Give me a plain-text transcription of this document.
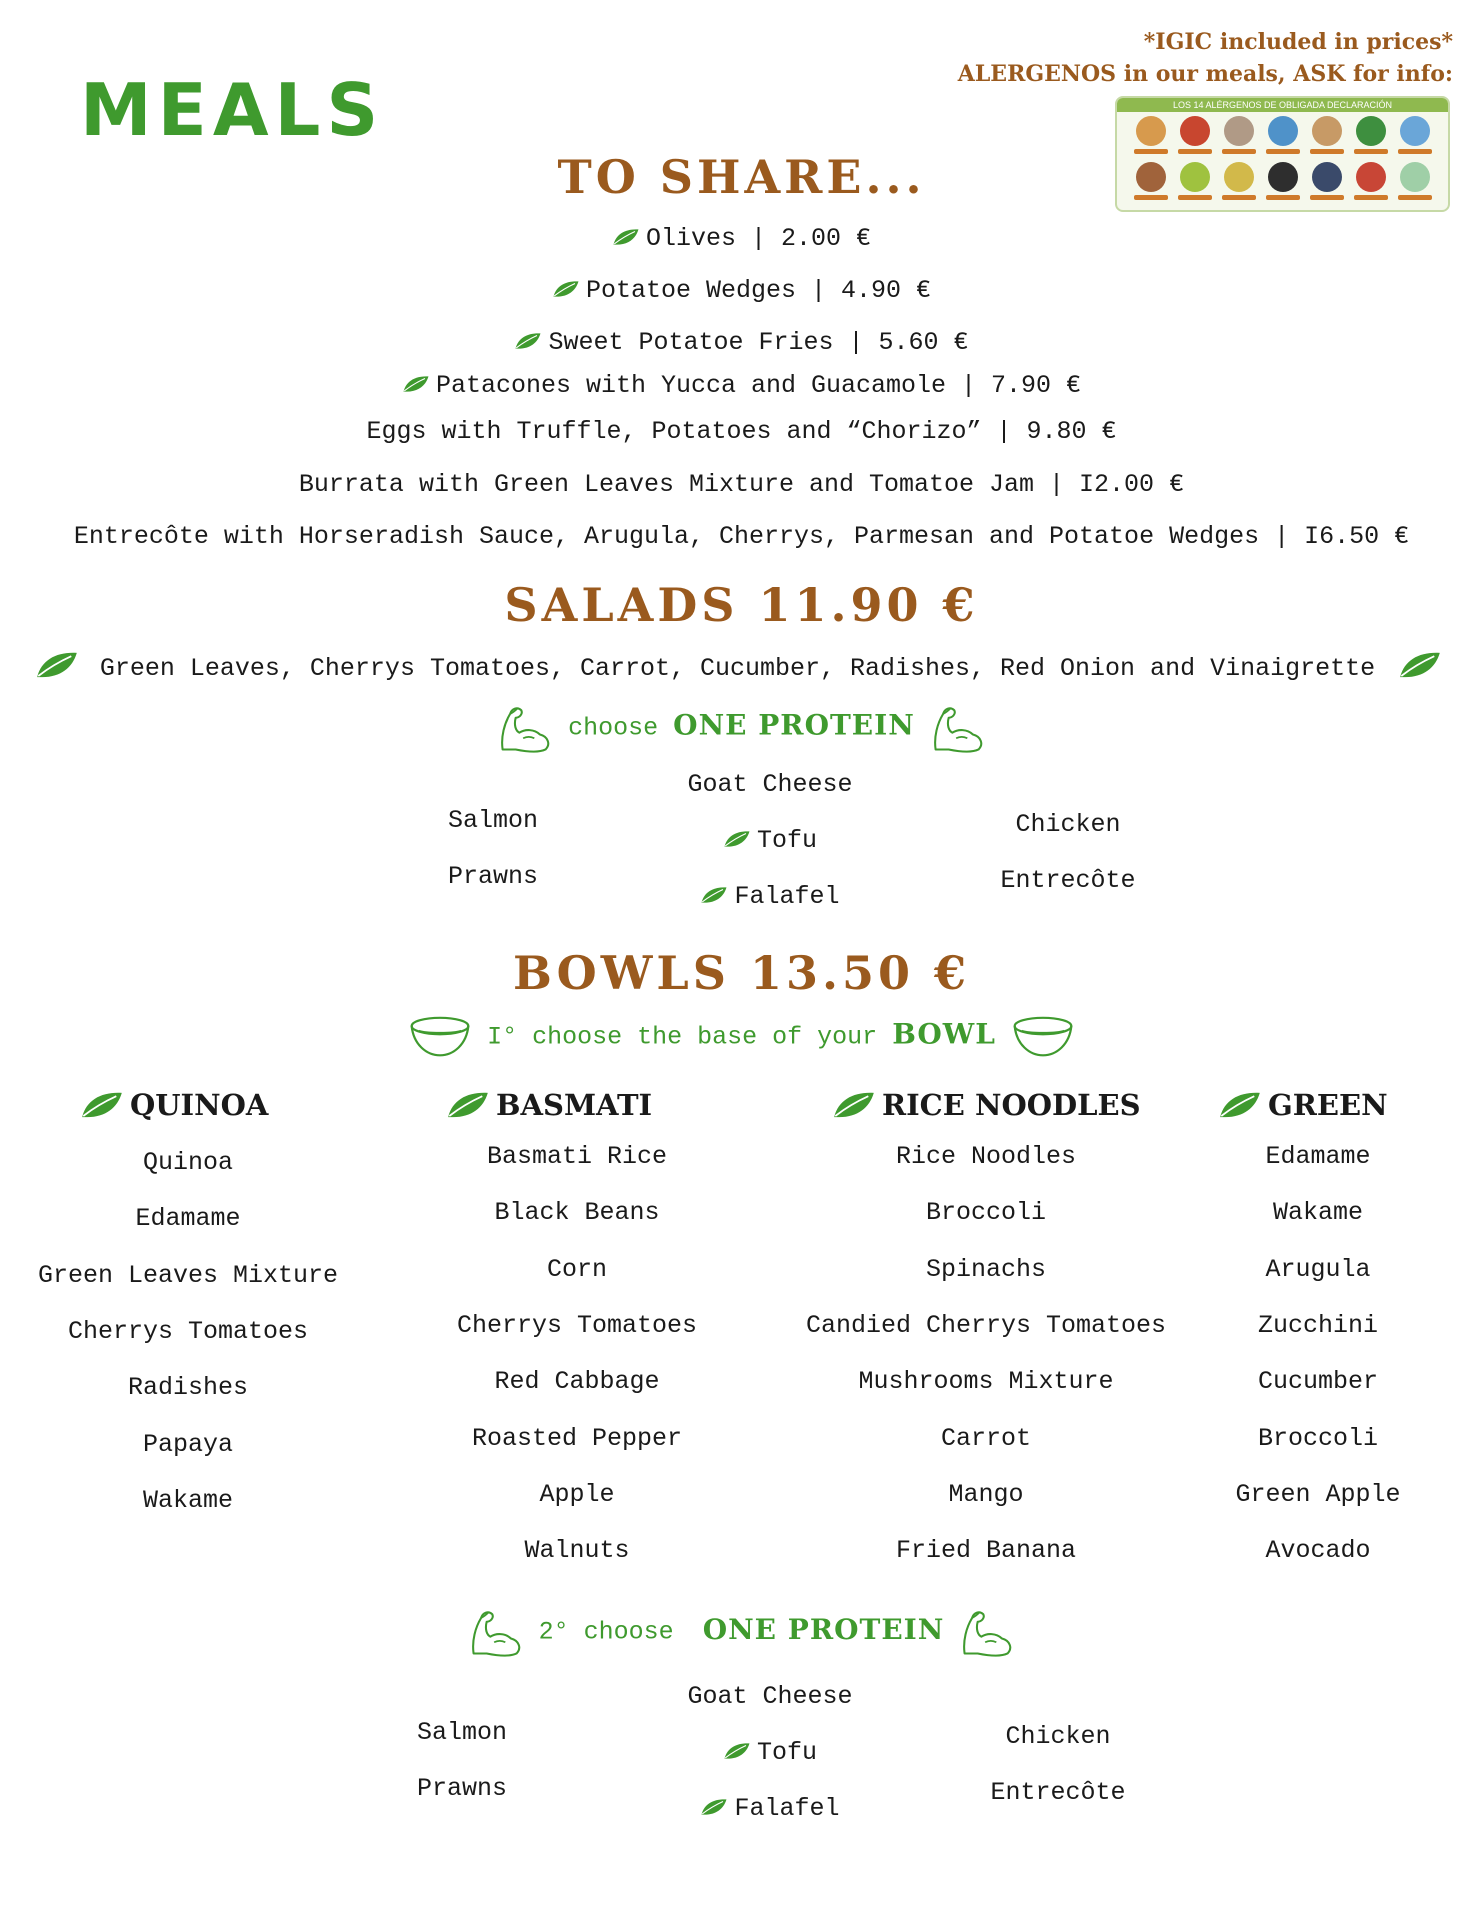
MEALS
*IGIC included in prices*
ALERGENOS in our meals, ASK for info:
LOS 14 ALÉRGENOS DE OBLIGADA DECLARACIÓN
TO SHARE...
Olives | 2.00 €
Potatoe Wedges | 4.90 €
Sweet Potatoe Fries | 5.60 €
Patacones with Yucca and Guacamole | 7.90 €
Eggs with Truffle, Potatoes and “Chorizo” | 9.80 €
Burrata with Green Leaves Mixture and Tomatoe Jam | I2.00 €
Entrecôte with Horseradish Sauce, Arugula, Cherrys, Parmesan and Potatoe Wedges | I6.50 €
SALADS 11.90 €
Green Leaves, Cherrys Tomatoes, Carrot, Cucumber, Radishes, Red Onion and Vinaigrette
choose ONE PROTEIN
Goat Cheese
Salmon
Prawns
Tofu
Falafel
Chicken
Entrecôte
BOWLS 13.50 €
I° choose the base of your BOWL
QUINOA
Quinoa
Edamame
Green Leaves Mixture
Cherrys Tomatoes
Radishes
Papaya
Wakame
BASMATI
Basmati Rice
Black Beans
Corn
Cherrys Tomatoes
Red Cabbage
Roasted Pepper
Apple
Walnuts
RICE NOODLES
Rice Noodles
Broccoli
Spinachs
Candied Cherrys Tomatoes
Mushrooms Mixture
Carrot
Mango
Fried Banana
GREEN
Edamame
Wakame
Arugula
Zucchini
Cucumber
Broccoli
Green Apple
Avocado
2° choose ONE PROTEIN
Goat Cheese
Salmon
Prawns
Tofu
Falafel
Chicken
Entrecôte
